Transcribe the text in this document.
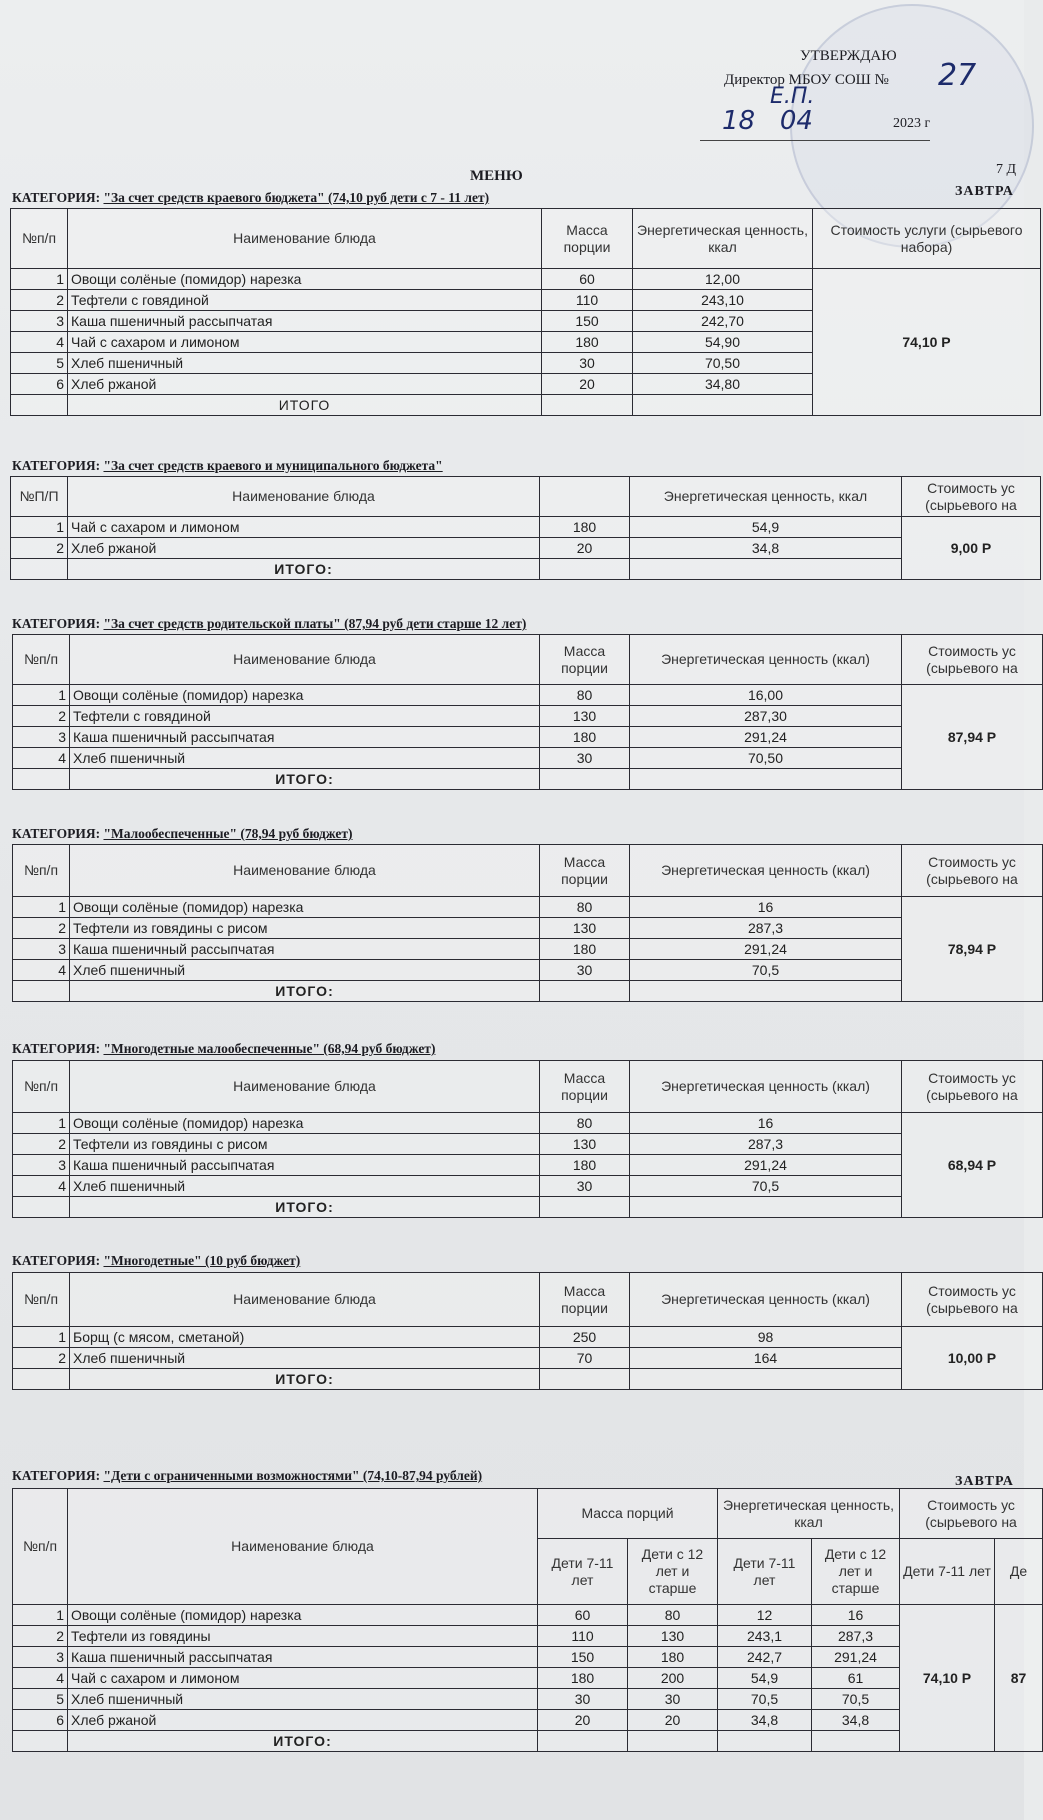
УТВЕРЖДАЮ
Директор МБОУ СОШ № 27
Е.П.
18 04	2023 г
МЕНЮ	7 Д
ЗАВТРА
КАТЕГОРИЯ: "За счет средств краевого бюджета" (74,10 руб дети с 7 - 11 лет)
№п/п	Наименование блюда	Масса порции	Энергетическая ценность, ккал	Стоимость услуги (сырьевого набора)
1	Овощи солёные (помидор) нарезка	60	12,00	74,10 Р
2	Тефтели с говядиной	110	243,10	
3	Каша пшеничный рассыпчатая	150	242,70	
4	Чай с сахаром и лимоном	180	54,90	
5	Хлеб пшеничный	30	70,50	
6	Хлеб ржаной	20	34,80	
	ИТОГО			
КАТЕГОРИЯ: "За счет средств краевого и муниципального бюджета"
№П/П	Наименование блюда		Энергетическая ценность, ккал	Стоимость ус (сырьевого на
1	Чай с сахаром и лимоном	180	54,9	9,00 Р
2	Хлеб ржаной	20	34,8	
	ИТОГО:			
КАТЕГОРИЯ: "За счет средств родительской платы" (87,94 руб дети старше 12 лет)
№п/п	Наименование блюда	Масса порции	Энергетическая ценность (ккал)	Стоимость ус (сырьевого на
1	Овощи солёные (помидор) нарезка	80	16,00	87,94 Р
2	Тефтели с говядиной	130	287,30	
3	Каша пшеничный рассыпчатая	180	291,24	
4	Хлеб пшеничный	30	70,50	
	ИТОГО:			
КАТЕГОРИЯ: "Малообеспеченные" (78,94 руб бюджет)
№п/п	Наименование блюда	Масса порции	Энергетическая ценность (ккал)	Стоимость ус (сырьевого на
1	Овощи солёные (помидор) нарезка	80	16	78,94 Р
2	Тефтели из говядины с рисом	130	287,3	
3	Каша пшеничный рассыпчатая	180	291,24	
4	Хлеб пшеничный	30	70,5	
	ИТОГО:			
КАТЕГОРИЯ: "Многодетные малообеспеченные" (68,94 руб бюджет)
№п/п	Наименование блюда	Масса порции	Энергетическая ценность (ккал)	Стоимость ус (сырьевого на
1	Овощи солёные (помидор) нарезка	80	16	68,94 Р
2	Тефтели из говядины с рисом	130	287,3	
3	Каша пшеничный рассыпчатая	180	291,24	
4	Хлеб пшеничный	30	70,5	
	ИТОГО:			
КАТЕГОРИЯ: "Многодетные" (10 руб бюджет)
№п/п	Наименование блюда	Масса порции	Энергетическая ценность (ккал)	Стоимость ус (сырьевого на
1	Борщ (с мясом, сметаной)	250	98	10,00 Р
2	Хлеб пшеничный	70	164	
	ИТОГО:			
КАТЕГОРИЯ: "Дети с ограниченными возможностями" (74,10-87,94 рублей)	ЗАВТРА
№п/п	Наименование блюда	Масса порций		Энергетическая ценность, ккал		Стоимость ус (сырьевого на	
		Дети 7-11 лет	Дети с 12 лет и старше	Дети 7-11 лет	Дети с 12 лет и старше	Дети 7-11 лет	Де
1	Овощи солёные (помидор) нарезка	60	80	12	16	74,10 Р	87
2	Тефтели из говядины	110	130	243,1	287,3		
3	Каша пшеничный рассыпчатая	150	180	242,7	291,24		
4	Чай с сахаром и лимоном	180	200	54,9	61		
5	Хлеб пшеничный	30	30	70,5	70,5		
6	Хлеб ржаной	20	20	34,8	34,8		
	ИТОГО:						
